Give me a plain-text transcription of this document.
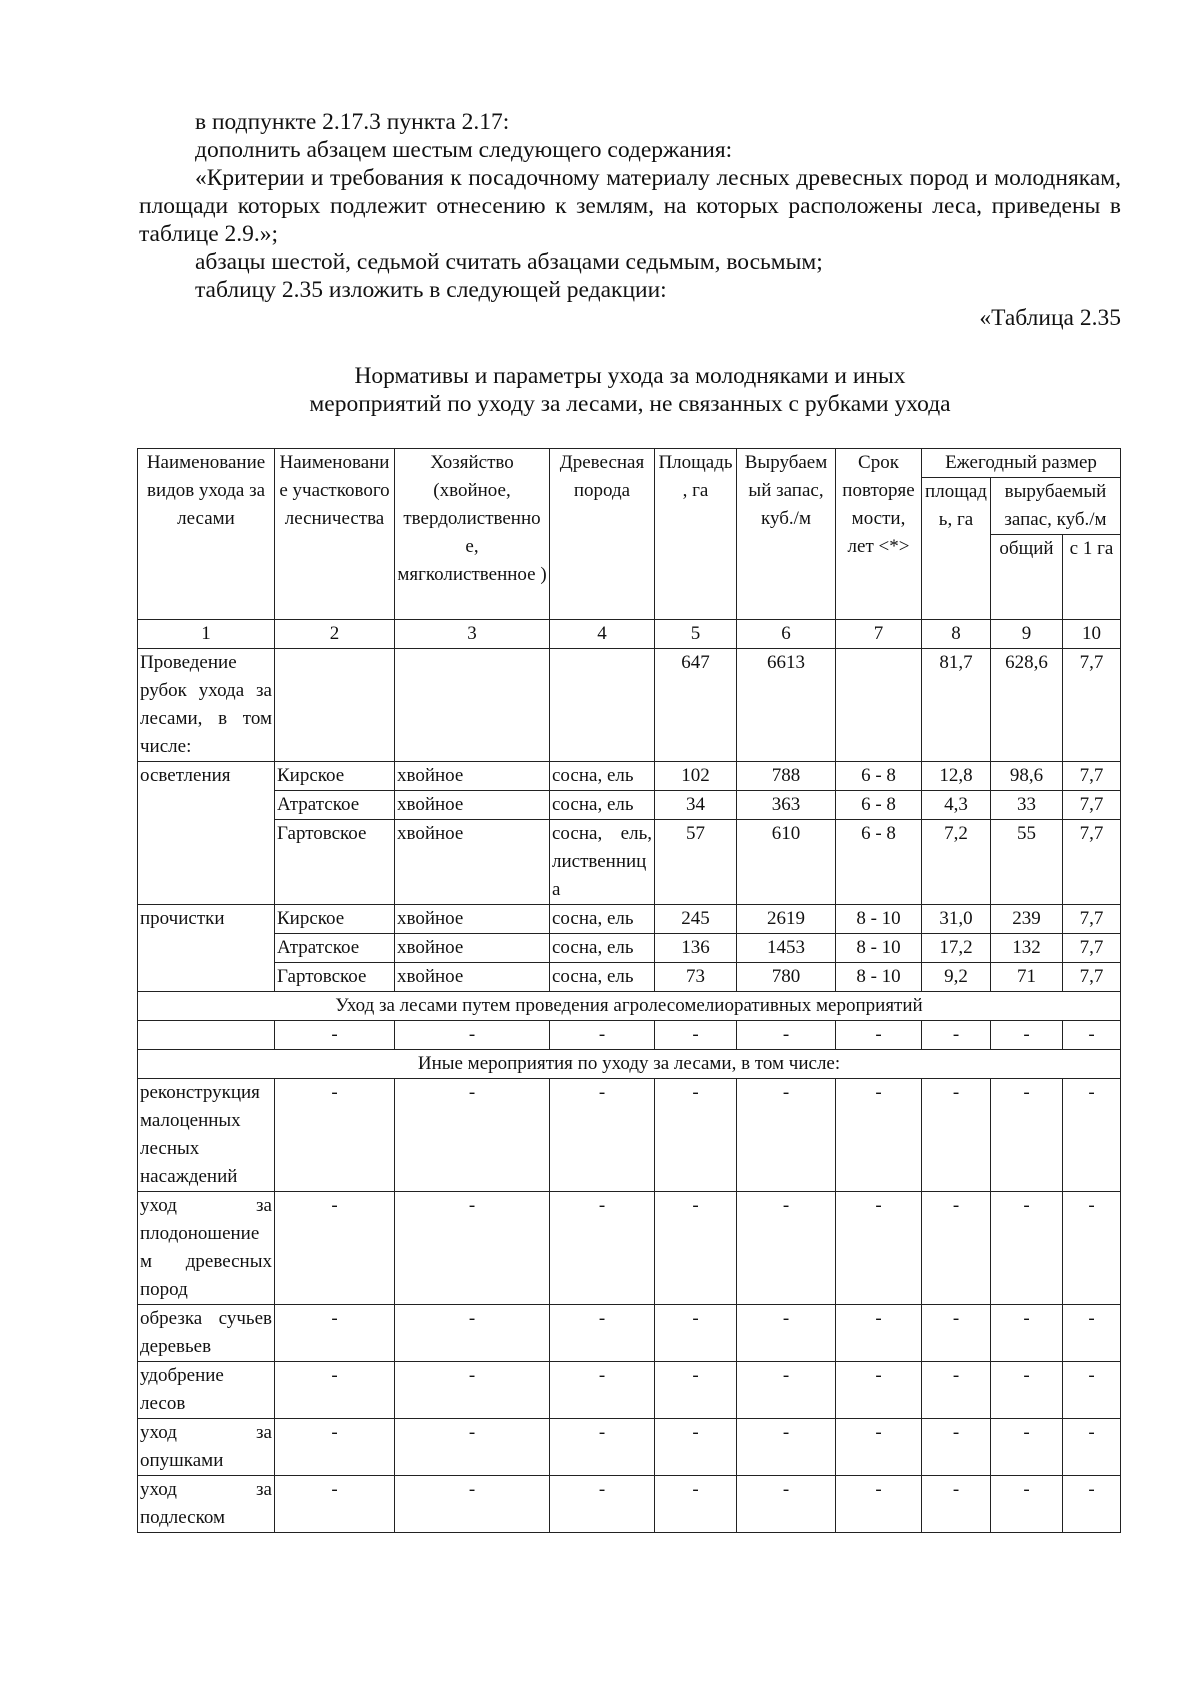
в подпункте 2.17.3 пункта 2.17:

дополнить абзацем шестым следующего содержания:

«Критерии и требования к посадочному материалу лесных древесных пород и молоднякам, площади которых подлежит отнесению к землям, на которых расположены леса, приведены в таблице 2.9.»;

абзацы шестой, седьмой считать абзацами седьмым, восьмым;

таблицу 2.35 изложить в следующей редакции:

«Таблица 2.35

Нормативы и параметры ухода за молодняками и иных
мероприятий по уходу за лесами, не связанных с рубками ухода
Наименование видов ухода за лесами	Наименовани е участкового лесничества	Хозяйство (хвойное, твердолиственно е, мягколиственное )	Древесная порода	Площадь , га	Вырубаем ый запас, куб./м	Срок повторяе мости, лет <*>	Ежегодный размер		
							площад ь, га	вырубаемый запас, куб./м	
								общий	с 1 га
1	2	3	4	5	6	7	8	9	10
Проведение рубок ухода за лесами, в том числе:				647	6613		81,7	628,6	7,7
осветления	Кирское	хвойное	сосна, ель	102	788	6 - 8	12,8	98,6	7,7
	Атратское	хвойное	сосна, ель	34	363	6 - 8	4,3	33	7,7
	Гартовское	хвойное	сосна, ель, лиственница	57	610	6 - 8	7,2	55	7,7
прочистки	Кирское	хвойное	сосна, ель	245	2619	8 - 10	31,0	239	7,7
	Атратское	хвойное	сосна, ель	136	1453	8 - 10	17,2	132	7,7
	Гартовское	хвойное	сосна, ель	73	780	8 - 10	9,2	71	7,7
Уход за лесами путем проведения агролесомелиоративных мероприятий									
	-	-	-	-	-	-	-	-	-
Иные мероприятия по уходу за лесами, в том числе:									
реконструкция малоценных лесных насаждений	-	-	-	-	-	-	-	-	-
уход за плодоношение м древесных пород	-	-	-	-	-	-	-	-	-
обрезка сучьев деревьев	-	-	-	-	-	-	-	-	-
удобрение лесов	-	-	-	-	-	-	-	-	-
уход за опушками	-	-	-	-	-	-	-	-	-
уход за подлеском	-	-	-	-	-	-	-	-	-
